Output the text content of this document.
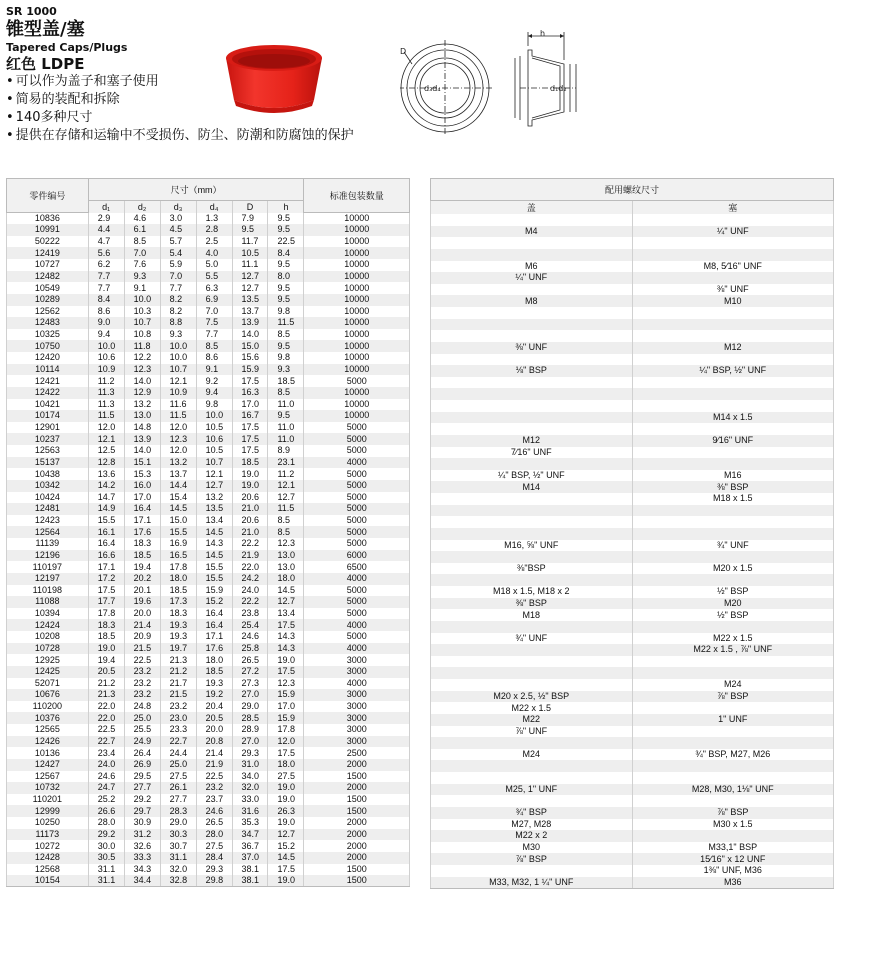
SR 1000
锥型盖/塞
Tapered Caps/Plugs
红色 LDPE
• 可以作为盖子和塞子使用
• 简易的装配和拆除
• 140多种尺寸
• 提供在存储和运输中不受损伤、防尘、防潮和防腐蚀的保护
D
d₃d₄
h
d₁d₂
零件编号	尺寸（mm）						标准包装数量
	d₁	d₂	d₃	d₄	D	h	
10836	2.9	4.6	3.0	1.3	7.9	9.5	10000
10991	4.4	6.1	4.5	2.8	9.5	9.5	10000
50222	4.7	8.5	5.7	2.5	11.7	22.5	10000
12419	5.6	7.0	5.4	4.0	10.5	8.4	10000
10727	6.2	7.6	5.9	5.0	11.1	9.5	10000
12482	7.7	9.3	7.0	5.5	12.7	8.0	10000
10549	7.7	9.1	7.7	6.3	12.7	9.5	10000
10289	8.4	10.0	8.2	6.9	13.5	9.5	10000
12562	8.6	10.3	8.2	7.0	13.7	9.8	10000
12483	9.0	10.7	8.8	7.5	13.9	11.5	10000
10325	9.4	10.8	9.3	7.7	14.0	8.5	10000
10750	10.0	11.8	10.0	8.5	15.0	9.5	10000
12420	10.6	12.2	10.0	8.6	15.6	9.8	10000
10114	10.9	12.3	10.7	9.1	15.9	9.3	10000
12421	11.2	14.0	12.1	9.2	17.5	18.5	5000
12422	11.3	12.9	10.9	9.4	16.3	8.5	10000
10421	11.3	13.2	11.6	9.8	17.0	11.0	10000
10174	11.5	13.0	11.5	10.0	16.7	9.5	10000
12901	12.0	14.8	12.0	10.5	17.5	11.0	5000
10237	12.1	13.9	12.3	10.6	17.5	11.0	5000
12563	12.5	14.0	12.0	10.5	17.5	8.9	5000
15137	12.8	15.1	13.2	10.7	18.5	23.1	4000
10438	13.6	15.3	13.7	12.1	19.0	11.2	5000
10342	14.2	16.0	14.4	12.7	19.0	12.1	5000
10424	14.7	17.0	15.4	13.2	20.6	12.7	5000
12481	14.9	16.4	14.5	13.5	21.0	11.5	5000
12423	15.5	17.1	15.0	13.4	20.6	8.5	5000
12564	16.1	17.6	15.5	14.5	21.0	8.5	5000
11139	16.4	18.3	16.9	14.3	22.2	12.3	5000
12196	16.6	18.5	16.5	14.5	21.9	13.0	6000
110197	17.1	19.4	17.8	15.5	22.0	13.0	6500
12197	17.2	20.2	18.0	15.5	24.2	18.0	4000
110198	17.5	20.1	18.5	15.9	24.0	14.5	5000
11088	17.7	19.6	17.3	15.2	22.2	12.7	5000
10394	17.8	20.0	18.3	16.4	23.8	13.4	5000
12424	18.3	21.4	19.3	16.4	25.4	17.5	4000
10208	18.5	20.9	19.3	17.1	24.6	14.3	5000
10728	19.0	21.5	19.7	17.6	25.8	14.3	4000
12925	19.4	22.5	21.3	18.0	26.5	19.0	3000
12425	20.5	23.2	21.2	18.5	27.2	17.5	3000
52071	21.2	23.2	21.7	19.3	27.3	12.3	4000
10676	21.3	23.2	21.5	19.2	27.0	15.9	3000
110200	22.0	24.8	23.2	20.4	29.0	17.0	3000
10376	22.0	25.0	23.0	20.5	28.5	15.9	3000
12565	22.5	25.5	23.3	20.0	28.9	17.8	3000
12426	22.7	24.9	22.7	20.8	27.0	12.0	3000
10136	23.4	26.4	24.4	21.4	29.3	17.5	2500
12427	24.0	26.9	25.0	21.9	31.0	18.0	2000
12567	24.6	29.5	27.5	22.5	34.0	27.5	1500
10732	24.7	27.7	26.1	23.2	32.0	19.0	2000
110201	25.2	29.2	27.7	23.7	33.0	19.0	1500
12999	26.6	29.7	28.3	24.6	31.6	26.3	1500
10250	28.0	30.9	29.0	26.5	35.3	19.0	2000
11173	29.2	31.2	30.3	28.0	34.7	12.7	2000
10272	30.0	32.6	30.7	27.5	36.7	15.2	2000
12428	30.5	33.3	31.1	28.4	37.0	14.5	2000
12568	31.1	34.3	32.0	29.3	38.1	17.5	1500
10154	31.1	34.4	32.8	29.8	38.1	19.0	1500
配用螺纹尺寸	
盖	塞

M4	¼" UNF

M6	M8, 5⁄16" UNF
¼" UNF	
	⅜" UNF
M8	M10

⅜" UNF	M12

⅛" BSP	¼" BSP, ½" UNF

	M14 x 1.5

M12	9⁄16" UNF
7⁄16" UNF	

¼" BSP, ½" UNF	M16
M14	⅜" BSP
	M18 x 1.5

M16, ⅝" UNF	¾" UNF

⅜"BSP	M20 x 1.5

M18 x 1.5, M18 x 2	½" BSP
⅜" BSP	M20
M18	½" BSP

¾" UNF	M22 x 1.5
	M22 x 1.5 , ⅞" UNF

	M24
M20 x 2.5, ½" BSP	⅞" BSP
M22 x 1.5	
M22	1" UNF
⅞" UNF	

M24	¾" BSP, M27, M26

M25, 1" UNF	M28, M30, 1⅛" UNF

¾" BSP	⅞" BSP
M27, M28	M30 x 1.5
M22 x 2	
M30	M33,1" BSP
⅞" BSP	15⁄16" x 12 UNF
	1⅜" UNF, M36
M33, M32, 1 ¼" UNF	M36
